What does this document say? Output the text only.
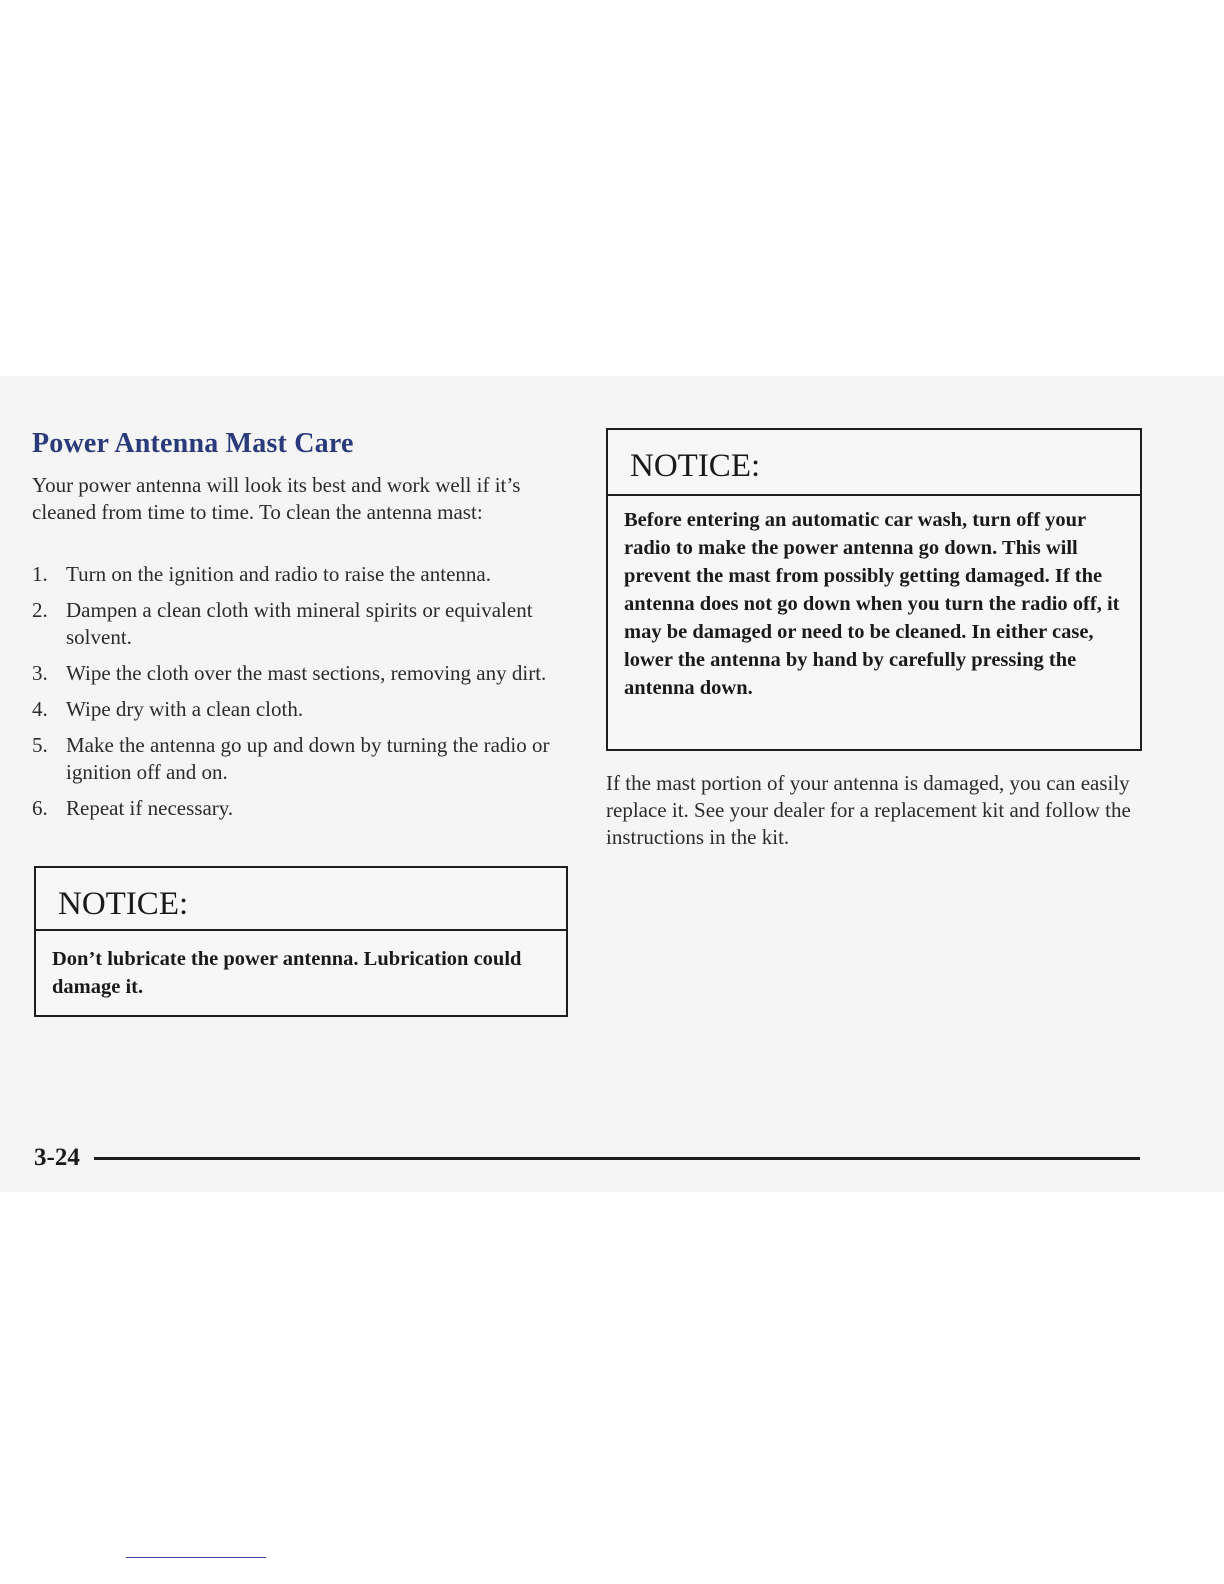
Power Antenna Mast Care

Your power antenna will look its best and work well if it’s cleaned from time to time. To clean the antenna mast:

1. Turn on the ignition and radio to raise the antenna.
2. Dampen a clean cloth with mineral spirits or equivalent solvent.
3. Wipe the cloth over the mast sections, removing any dirt.
4. Wipe dry with a clean cloth.
5. Make the antenna go up and down by turning the radio or ignition off and on.
6. Repeat if necessary.
NOTICE:
Don’t lubricate the power antenna. Lubrication could damage it.
NOTICE:
Before entering an automatic car wash, turn off your radio to make the power antenna go down. This will prevent the mast from possibly getting damaged. If the antenna does not go down when you turn the radio off, it may be damaged or need to be cleaned. In either case, lower the antenna by hand by carefully pressing the antenna down.

If the mast portion of your antenna is damaged, you can easily replace it. See your dealer for a replacement kit and follow the instructions in the kit.

3-24
